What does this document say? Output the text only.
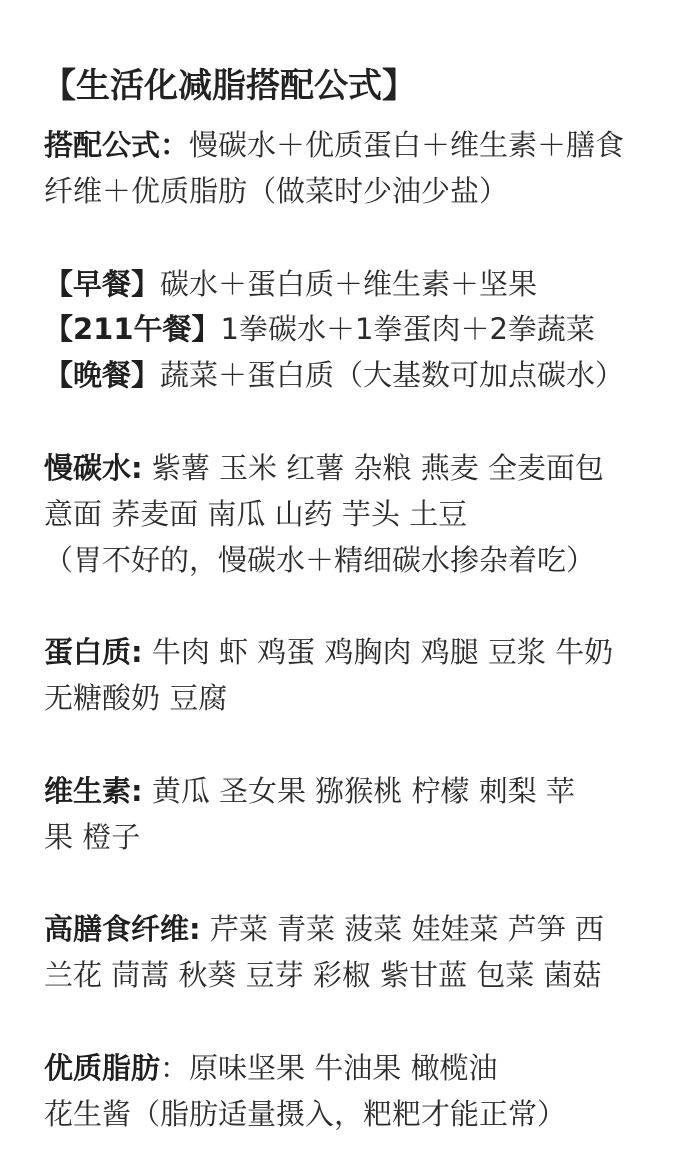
【生活化减脂搭配公式】
搭配公式：慢碳水＋优质蛋白＋维生素＋膳食
纤维＋优质脂肪（做菜时少油少盐）
【早餐】碳水＋蛋白质＋维生素＋坚果
【211午餐】1拳碳水＋1拳蛋肉＋2拳蔬菜
【晚餐】蔬菜＋蛋白质（大基数可加点碳水）
慢碳水: 紫薯 玉米 红薯 杂粮 燕麦 全麦面包
意面 荞麦面 南瓜 山药 芋头 土豆
（胃不好的，慢碳水＋精细碳水掺杂着吃）
蛋白质: 牛肉 虾 鸡蛋 鸡胸肉 鸡腿 豆浆 牛奶
无糖酸奶 豆腐
维生素: 黄瓜 圣女果 猕猴桃 柠檬 刺梨 苹
果 橙子
高膳食纤维: 芹菜 青菜 菠菜 娃娃菜 芦笋 西
兰花 茼蒿 秋葵 豆芽 彩椒 紫甘蓝 包菜 菌菇
优质脂肪：原味坚果 牛油果 橄榄油
花生酱（脂肪适量摄入，粑粑才能正常）
